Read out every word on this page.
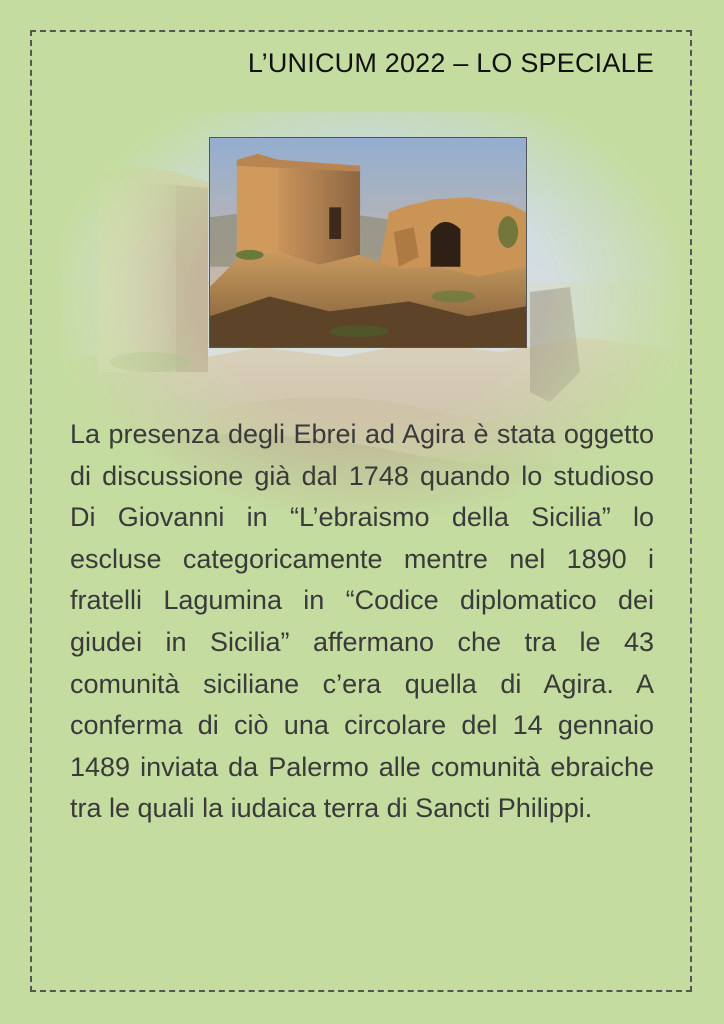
L’UNICUM 2022 – LO SPECIALE

La presenza degli Ebrei ad Agira è stata oggetto di discussione già dal 1748 quando lo studioso Di Giovanni in “L’ebraismo della Sicilia” lo escluse categoricamente mentre nel 1890 i fratelli Lagumina in “Codice diplomatico dei giudei in Sicilia” affermano che tra le 43 comunità siciliane c’era quella di Agira. A conferma di ciò una circolare del 14 gennaio 1489 inviata da Palermo alle comunità ebraiche tra le quali la iudaica terra di Sancti Philippi.
